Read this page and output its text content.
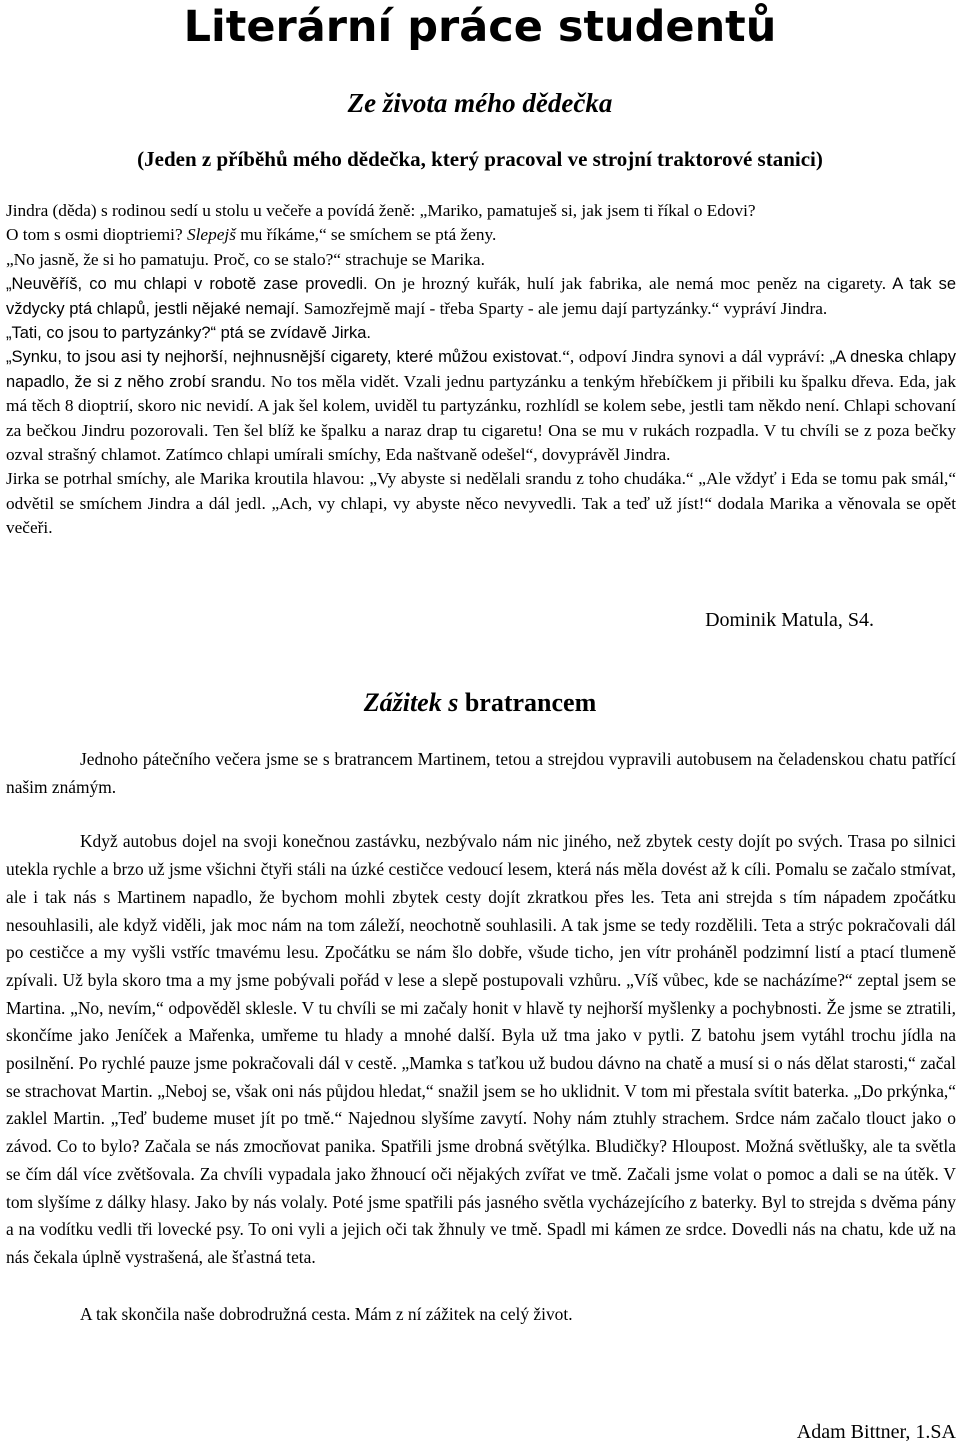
Literární práce studentů
Ze života mého dědečka
(Jeden z příběhů mého dědečka, který pracoval ve strojní traktorové stanici)

Jindra (děda) s rodinou sedí u stolu u večeře a povídá ženě: „Mariko, pamatuješ si, jak jsem ti říkal o Edovi?

O tom s osmi dioptriemi? Slepejš mu říkáme,“ se smíchem se ptá ženy.

„No jasně, že si ho pamatuju. Proč, co se stalo?“ strachuje se Marika.

„Neuvěříš, co mu chlapi v robotě zase provedli. On je hrozný kuřák, hulí jak fabrika, ale nemá moc peněz na cigarety. A tak se vždycky ptá chlapů, jestli nějaké nemají. Samozřejmě mají - třeba Sparty - ale jemu dají partyzánky.“ vypráví Jindra.

„Tati, co jsou to partyzánky?“ ptá se zvídavě Jirka.

„Synku, to jsou asi ty nejhorší, nejhnusnější cigarety, které můžou existovat.“, odpoví Jindra synovi a dál vypráví: „A dneska chlapy napadlo, že si z něho zrobí srandu. No tos měla vidět. Vzali jednu partyzánku a tenkým hřebíčkem ji přibili ku špalku dřeva. Eda, jak má těch 8 dioptrií, skoro nic nevidí. A jak šel kolem, uviděl tu partyzánku, rozhlídl se kolem sebe, jestli tam někdo není. Chlapi schovaní za bečkou Jindru pozorovali. Ten šel blíž ke špalku a naraz drap tu cigaretu! Ona se mu v rukách rozpadla. V tu chvíli se z poza bečky ozval strašný chlamot. Zatímco chlapi umírali smíchy, Eda naštvaně odešel“, dovyprávěl Jindra.

Jirka se potrhal smíchy, ale Marika kroutila hlavou: „Vy abyste si nedělali srandu z toho chudáka.“ „Ale vždyť i Eda se tomu pak smál,“ odvětil se smíchem Jindra a dál jedl. „Ach, vy chlapi, vy abyste něco nevyvedli. Tak a teď už jíst!“ dodala Marika a věnovala se opět večeři.

Dominik Matula, S4.

Zážitek s bratrancem

Jednoho pátečního večera jsme se s bratrancem Martinem, tetou a strejdou vypravili autobusem na čeladenskou chatu patřící našim známým.

Když autobus dojel na svoji konečnou zastávku, nezbývalo nám nic jiného, než zbytek cesty dojít po svých. Trasa po silnici utekla rychle a brzo už jsme všichni čtyři stáli na úzké cestičce vedoucí lesem, která nás měla dovést až k cíli. Pomalu se začalo stmívat, ale i tak nás s Martinem napadlo, že bychom mohli zbytek cesty dojít zkratkou přes les. Teta ani strejda s tím nápadem zpočátku nesouhlasili, ale když viděli, jak moc nám na tom záleží, neochotně souhlasili. A tak jsme se tedy rozdělili. Teta a strýc pokračovali dál po cestičce a my vyšli vstříc tmavému lesu. Zpočátku se nám šlo dobře, všude ticho, jen vítr proháněl podzimní listí a ptací tlumeně zpívali. Už byla skoro tma a my jsme pobývali pořád v lese a slepě postupovali vzhůru. „Víš vůbec, kde se nacházíme?“ zeptal jsem se Martina. „No, nevím,“ odpověděl sklesle. V tu chvíli se mi začaly honit v hlavě ty nejhorší myšlenky a pochybnosti. Že jsme se ztratili, skončíme jako Jeníček a Mařenka, umřeme tu hlady a mnohé další. Byla už tma jako v pytli. Z batohu jsem vytáhl trochu jídla na posilnění. Po rychlé pauze jsme pokračovali dál v cestě. „Mamka s taťkou už budou dávno na chatě a musí si o nás dělat starosti,“ začal se strachovat Martin. „Neboj se, však oni nás půjdou hledat,“ snažil jsem se ho uklidnit. V tom mi přestala svítit baterka. „Do prkýnka,“ zaklel Martin. „Teď budeme muset jít po tmě.“ Najednou slyšíme zavytí. Nohy nám ztuhly strachem. Srdce nám začalo tlouct jako o závod. Co to bylo? Začala se nás zmocňovat panika. Spatřili jsme drobná světýlka. Bludičky? Hloupost. Možná světlušky, ale ta světla se čím dál více zvětšovala. Za chvíli vypadala jako žhnoucí oči nějakých zvířat ve tmě. Začali jsme volat o pomoc a dali se na útěk. V tom slyšíme z dálky hlasy. Jako by nás volaly. Poté jsme spatřili pás jasného světla vycházejícího z baterky. Byl to strejda s dvěma pány a na vodítku vedli tři lovecké psy. To oni vyli a jejich oči tak žhnuly ve tmě. Spadl mi kámen ze srdce. Dovedli nás na chatu, kde už na nás čekala úplně vystrašená, ale šťastná teta.

A tak skončila naše dobrodružná cesta. Mám z ní zážitek na celý život.

Adam Bittner, 1.SA
